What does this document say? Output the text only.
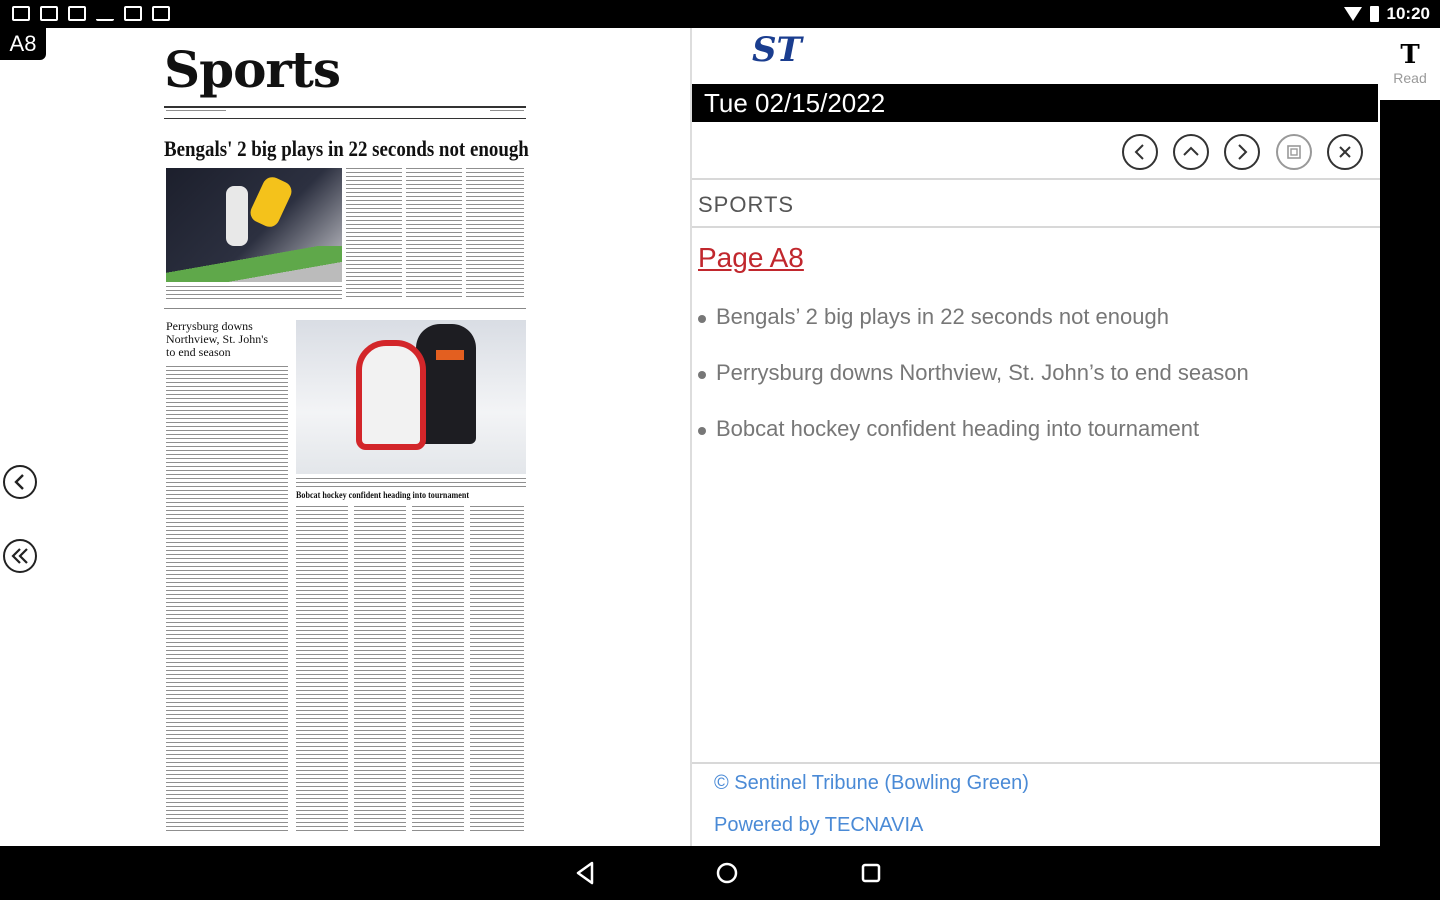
10:20
A8	Sports
Bengals' 2 big plays in 22 seconds not enough
Perrysburg downs
Northview, St. John's
to end season
Bobcat hockey confident heading into tournament
ST
Tue 02/15/2022
SPORTS
Page A8
Bengals’ 2 big plays in 22 seconds not enough
Perrysburg downs Northview, St. John’s to end season
Bobcat hockey confident heading into tournament
© Sentinel Tribune (Bowling Green)
Powered by TECNAVIA
T
Read
Swipe
Pages
Index
15
Editio...
More
Fit
